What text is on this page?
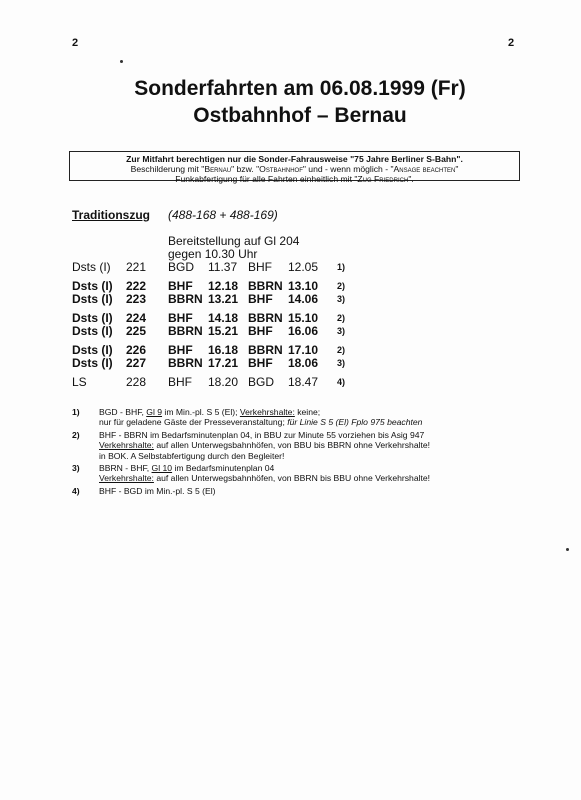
2	2
Sonderfahrten am 06.08.1999 (Fr)
Ostbahnhof – Bernau
Zur Mitfahrt berechtigen nur die Sonder-Fahrausweise "75 Jahre Berliner S-Bahn".
Beschilderung mit "Bernau" bzw. "Ostbahnhof" und - wenn möglich - "Ansage beachten"
Funkabfertigung für alle Fahrten einheitlich mit "Zug Friedrich".
Traditionszug (488-168 + 488-169)
Bereitstellung auf Gl 204
gegen 10.30 Uhr
Dsts (I) 221 BGD 11.37 BHF 12.05 1)
Dsts (I) 222 BHF 12.18 BBRN 13.10 2)
Dsts (I) 223 BBRN 13.21 BHF 14.06 3)
Dsts (I) 224 BHF 14.18 BBRN 15.10 2)
Dsts (I) 225 BBRN 15.21 BHF 16.06 3)
Dsts (I) 226 BHF 16.18 BBRN 17.10 2)
Dsts (I) 227 BBRN 17.21 BHF 18.06 3)
LS	228 BHF 18.20 BGD 18.47 4)
1) BGD - BHF, Gl 9 im Min.-pl. S 5 (El); Verkehrshalte: keine;
nur für geladene Gäste der Presseveranstaltung; für Linie S 5 (El) Fplo 975 beachten
2) BHF - BBRN im Bedarfsminutenplan 04, in BBU zur Minute 55 vorziehen bis Asig 947
Verkehrshalte: auf allen Unterwegsbahnhöfen, von BBU bis BBRN ohne Verkehrshalte!
in BOK. A Selbstabfertigung durch den Begleiter!
3) BBRN - BHF, Gl 10 im Bedarfsminutenplan 04
Verkehrshalte: auf allen Unterwegsbahnhöfen, von BBRN bis BBU ohne Verkehrshalte!
4) BHF - BGD im Min.-pl. S 5 (El)
